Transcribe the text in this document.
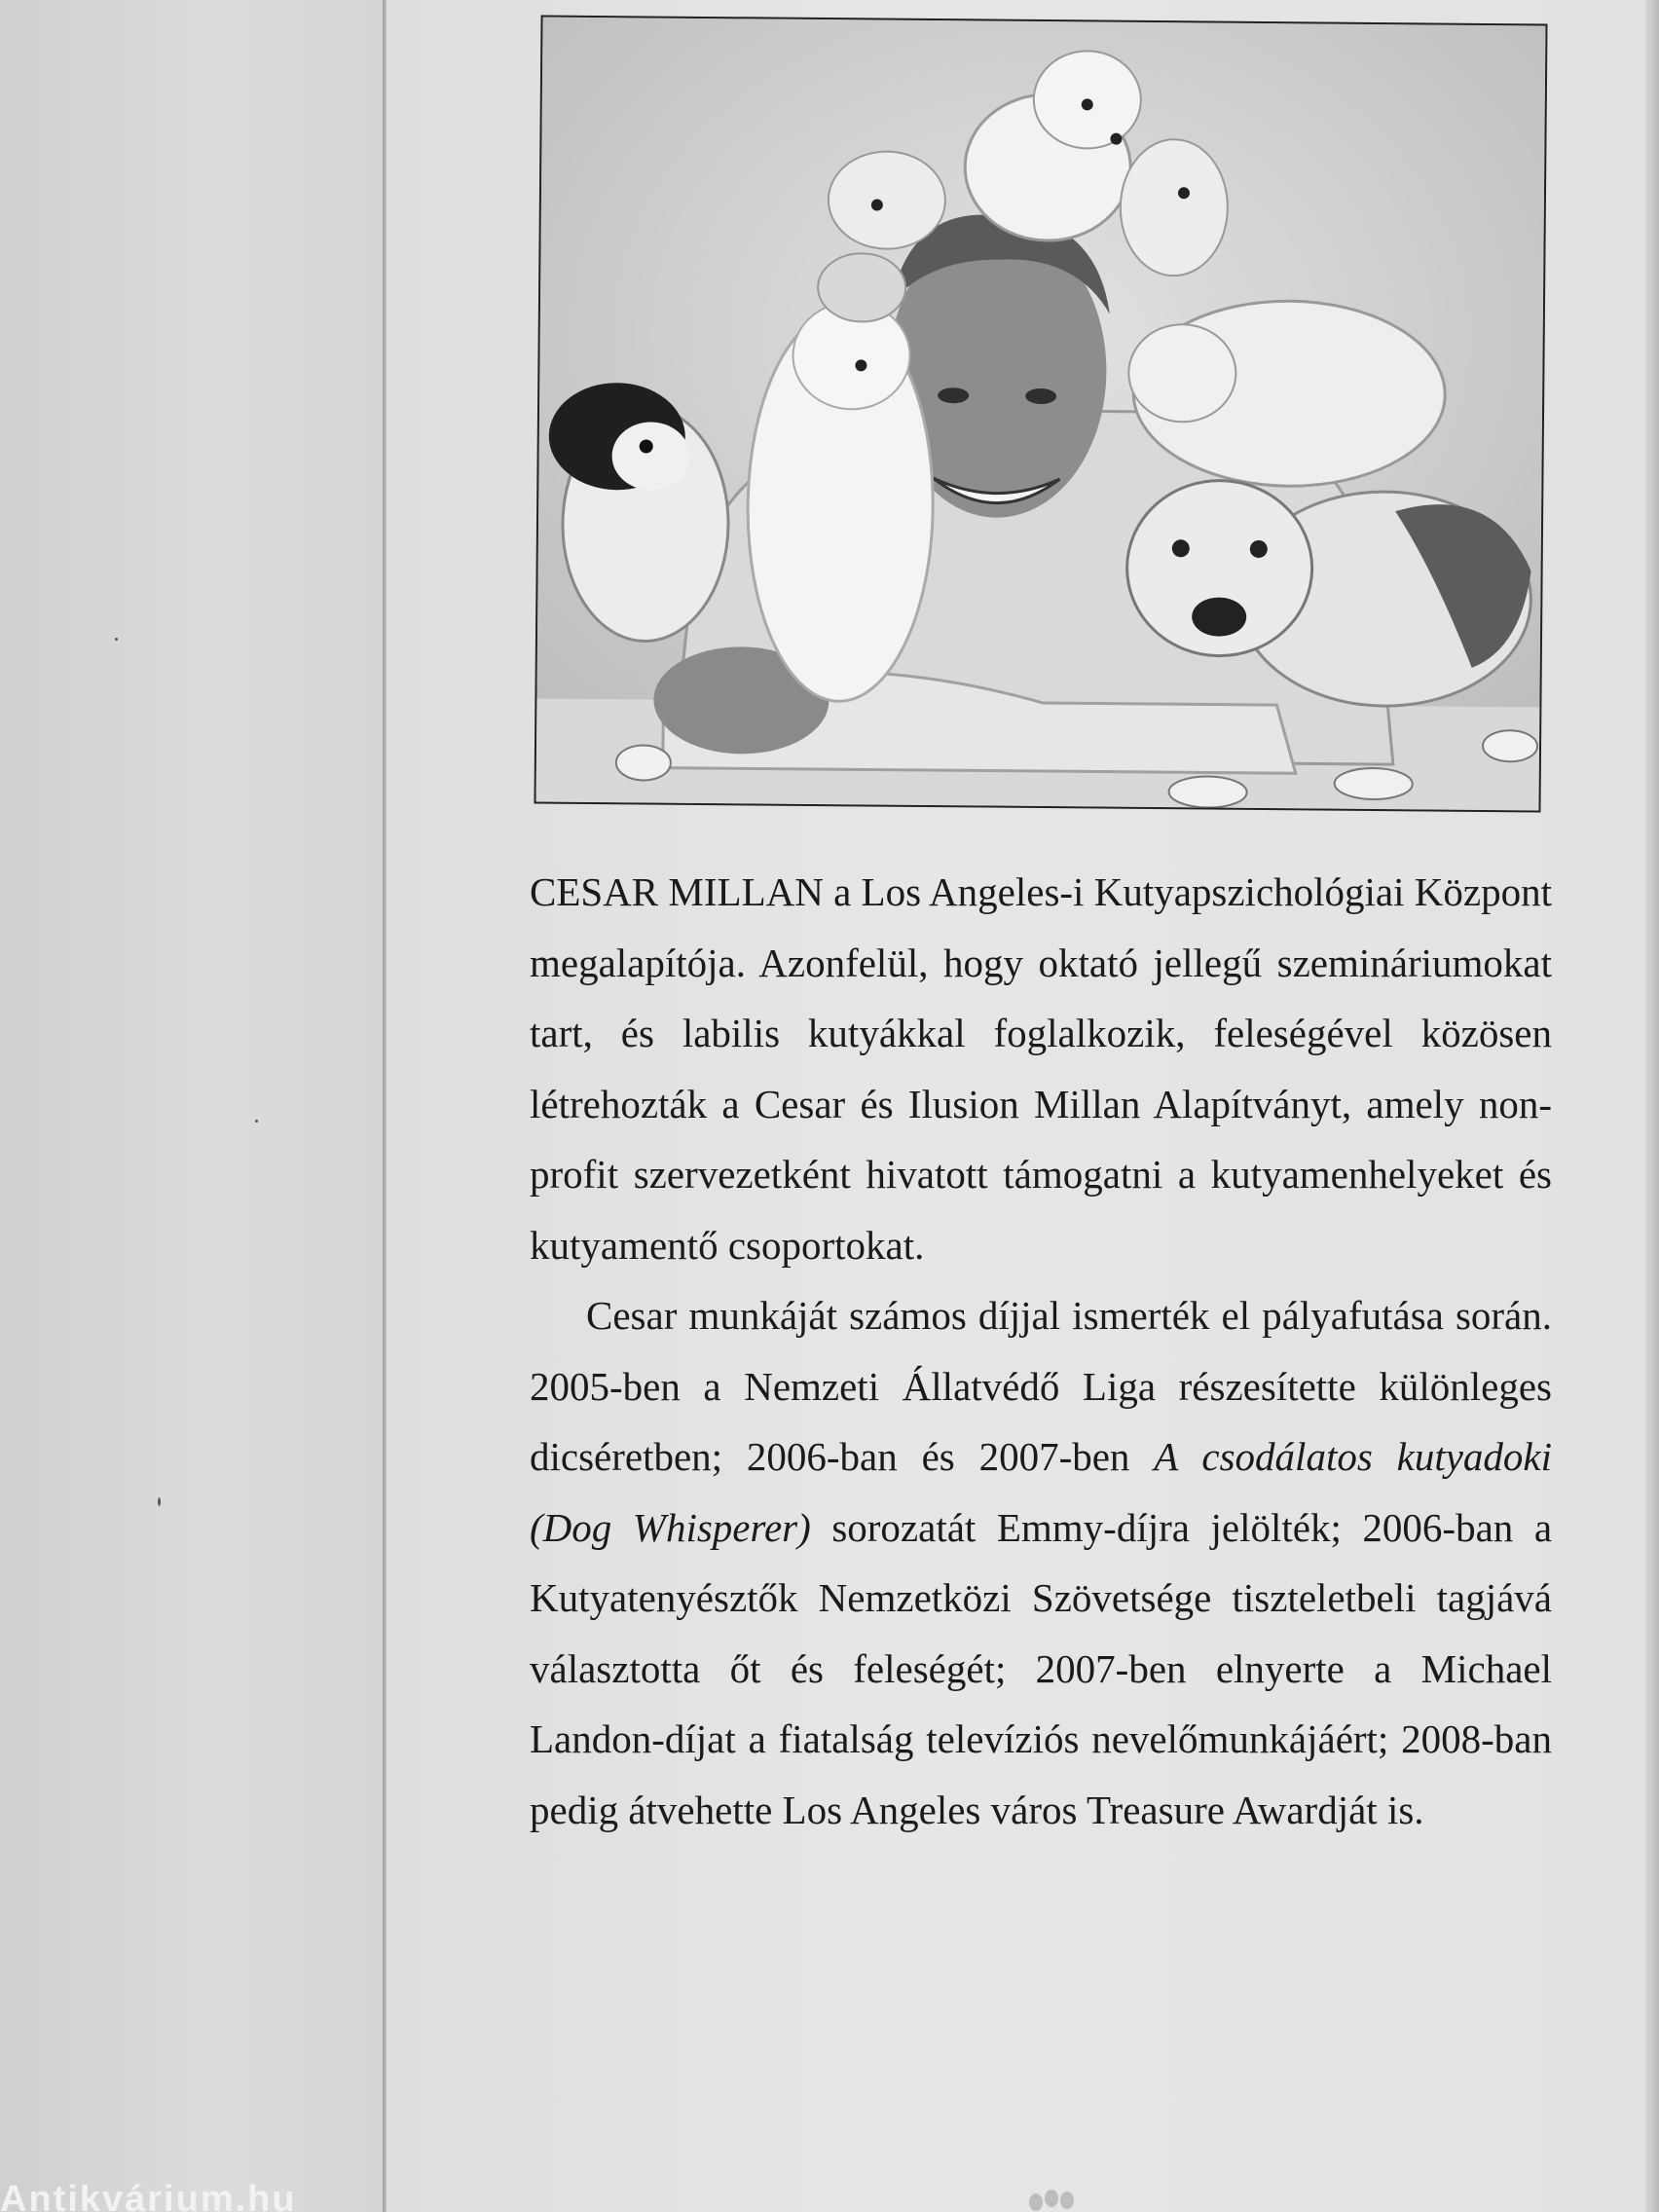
CESAR MILLAN a Los Angeles-i Kutyapszichológiai Központ megalapítója. Azonfelül, hogy oktató jellegű szemináriumokat tart, és labilis kutyákkal foglalkozik, feleségével közösen létrehozták a Cesar és Ilusion Millan Alapítványt, amely nonprofit szervezetként hivatott támogatni a kutyamenhelyeket és kutyamentő csoportokat.

Cesar munkáját számos díjjal ismerték el pályafutása során. 2005-ben a Nemzeti Állatvédő Liga részesítette különleges dicséretben; 2006-ban és 2007-ben A csodálatos kutyadoki (Dog Whisperer) sorozatát Emmy-díjra jelölték; 2006-ban a Kutyatenyésztők Nemzetközi Szövetsége tiszteletbeli tagjává választotta őt és feleségét; 2007-ben elnyerte a Michael Landon-díjat a fiatalság televíziós nevelőmunkájáért; 2008-ban pedig átvehette Los Angeles város Treasure Awardját is.

Antikvárium.hu
